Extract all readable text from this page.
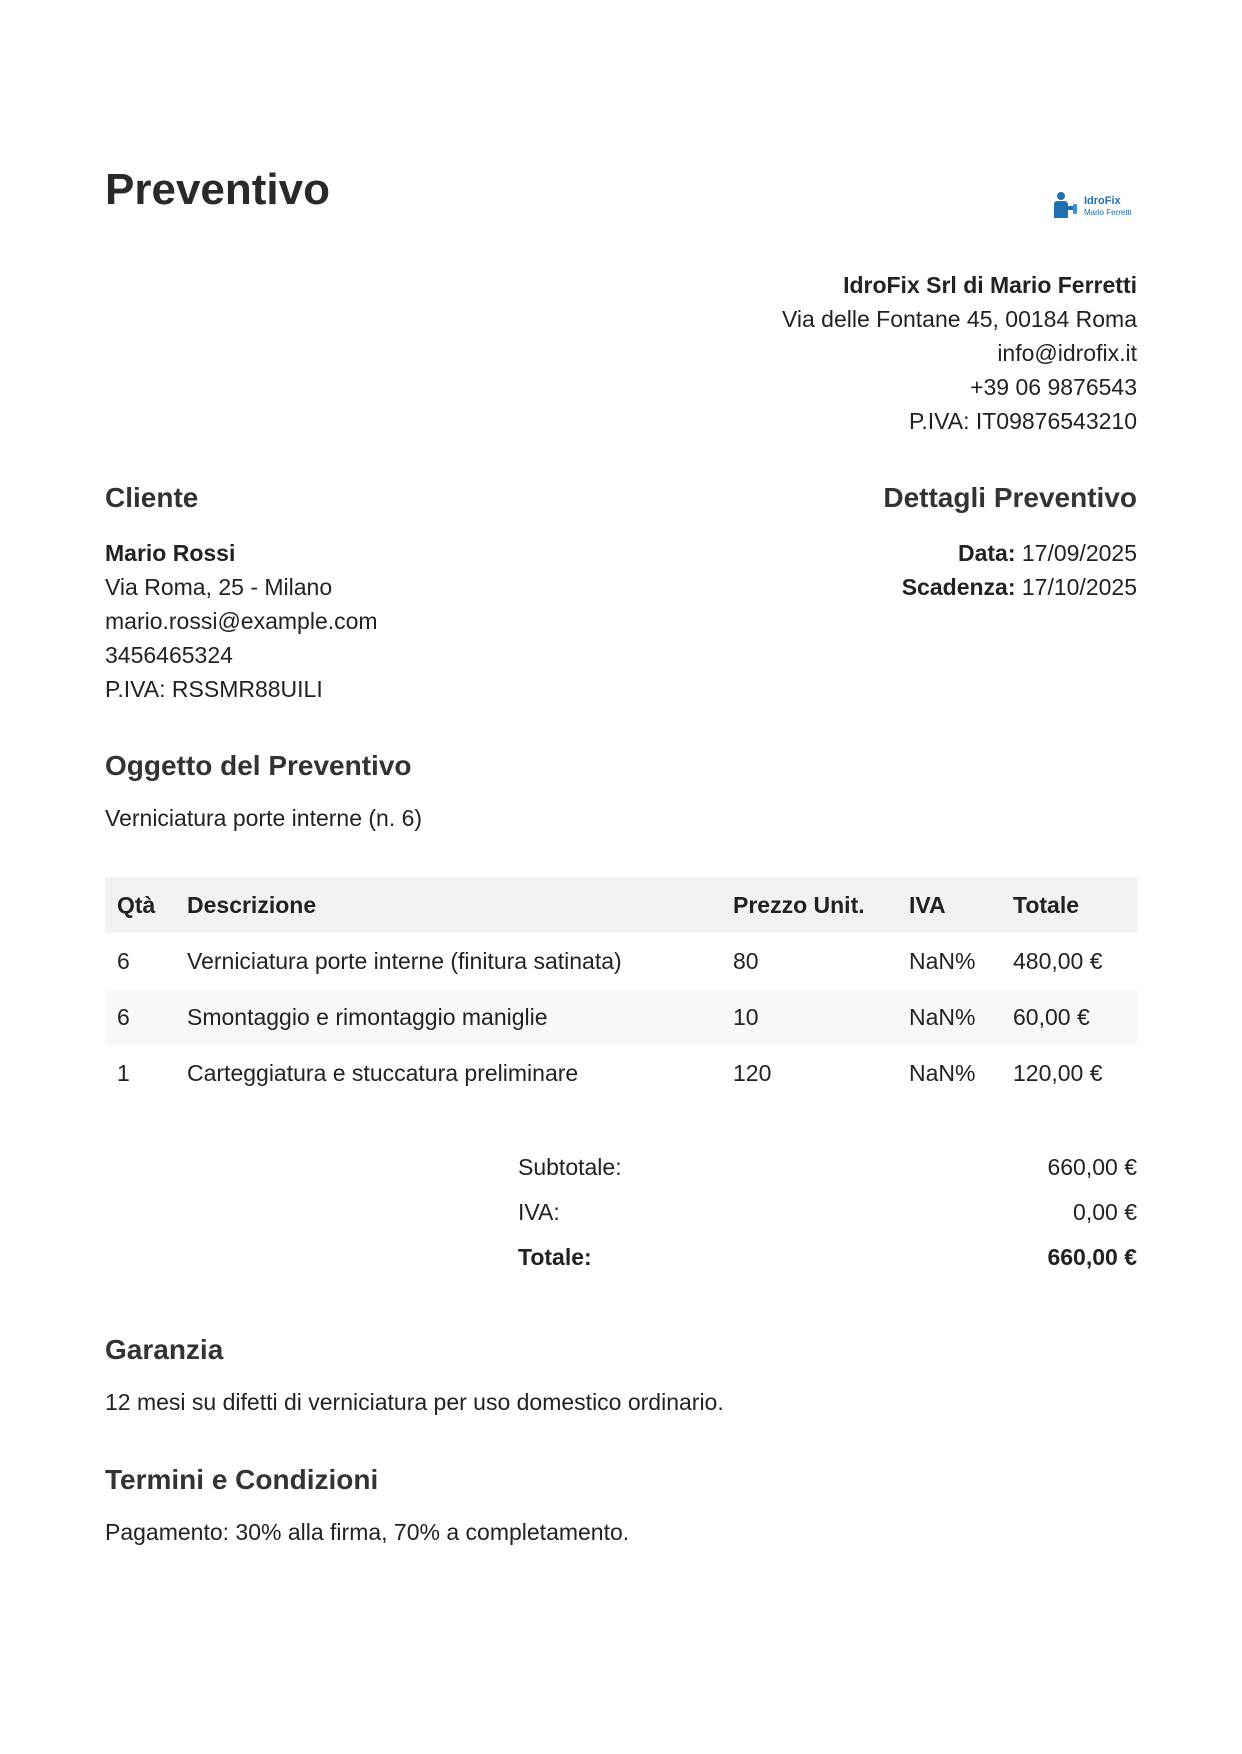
Preventivo	IdroFix
Mario Ferretti
IdroFix Srl di Mario Ferretti
Via delle Fontane 45, 00184 Roma
info@idrofix.it
+39 06 9876543
P.IVA: IT09876543210
Cliente	Dettagli Preventivo
Mario Rossi
Via Roma, 25 - Milano
mario.rossi@example.com
3456465324
P.IVA: RSSMR88UILI
Data: 17/09/2025
Scadenza: 17/10/2025
Oggetto del Preventivo
Verniciatura porte interne (n. 6)
Qtà	Descrizione	Prezzo Unit.	IVA	Totale
6	Verniciatura porte interne (finitura satinata)	80	NaN%	480,00 €
6	Smontaggio e rimontaggio maniglie	10	NaN%	60,00 €
1	Carteggiatura e stuccatura preliminare	120	NaN%	120,00 €
Subtotale:	660,00 €
IVA:	0,00 €
Totale:	660,00 €
Garanzia
12 mesi su difetti di verniciatura per uso domestico ordinario.
Termini e Condizioni
Pagamento: 30% alla firma, 70% a completamento.
